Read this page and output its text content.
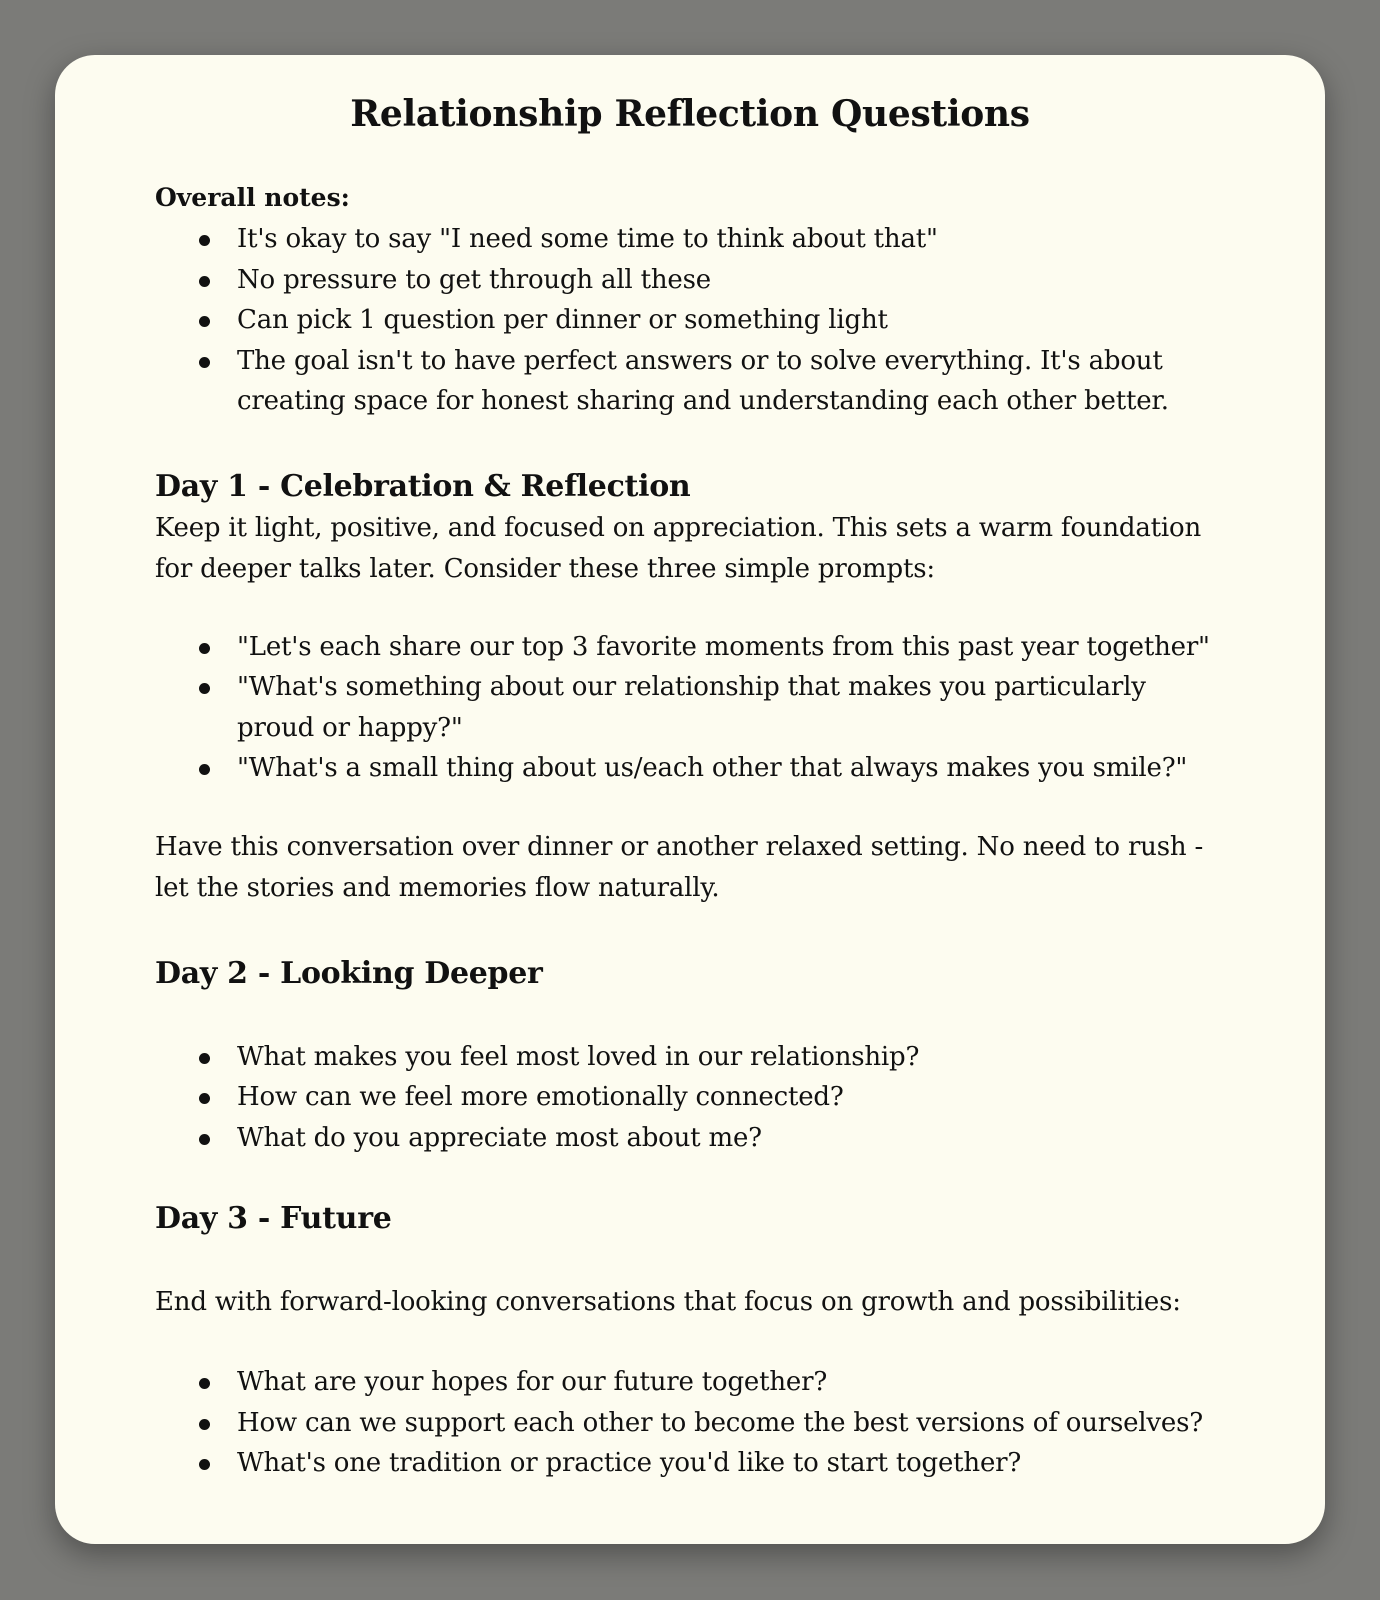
Relationship Reflection Questions
Overall notes:
It's okay to say "I need some time to think about that"
No pressure to get through all these
Can pick 1 question per dinner or something light
The goal isn't to have perfect answers or to solve everything. It's about creating space for honest sharing and understanding each other better.
Day 1 - Celebration & Reflection

Keep it light, positive, and focused on appreciation. This sets a warm foundation for deeper talks later. Consider these three simple prompts:

"Let's each share our top 3 favorite moments from this past year together"
"What's something about our relationship that makes you particularly proud or happy?"
"What's a small thing about us/each other that always makes you smile?"

Have this conversation over dinner or another relaxed setting. No need to rush - let the stories and memories flow naturally.

Day 2 - Looking Deeper
What makes you feel most loved in our relationship?
How can we feel more emotionally connected?
What do you appreciate most about me?
Day 3 - Future

End with forward-looking conversations that focus on growth and possibilities:

What are your hopes for our future together?
How can we support each other to become the best versions of ourselves?
What's one tradition or practice you'd like to start together?
